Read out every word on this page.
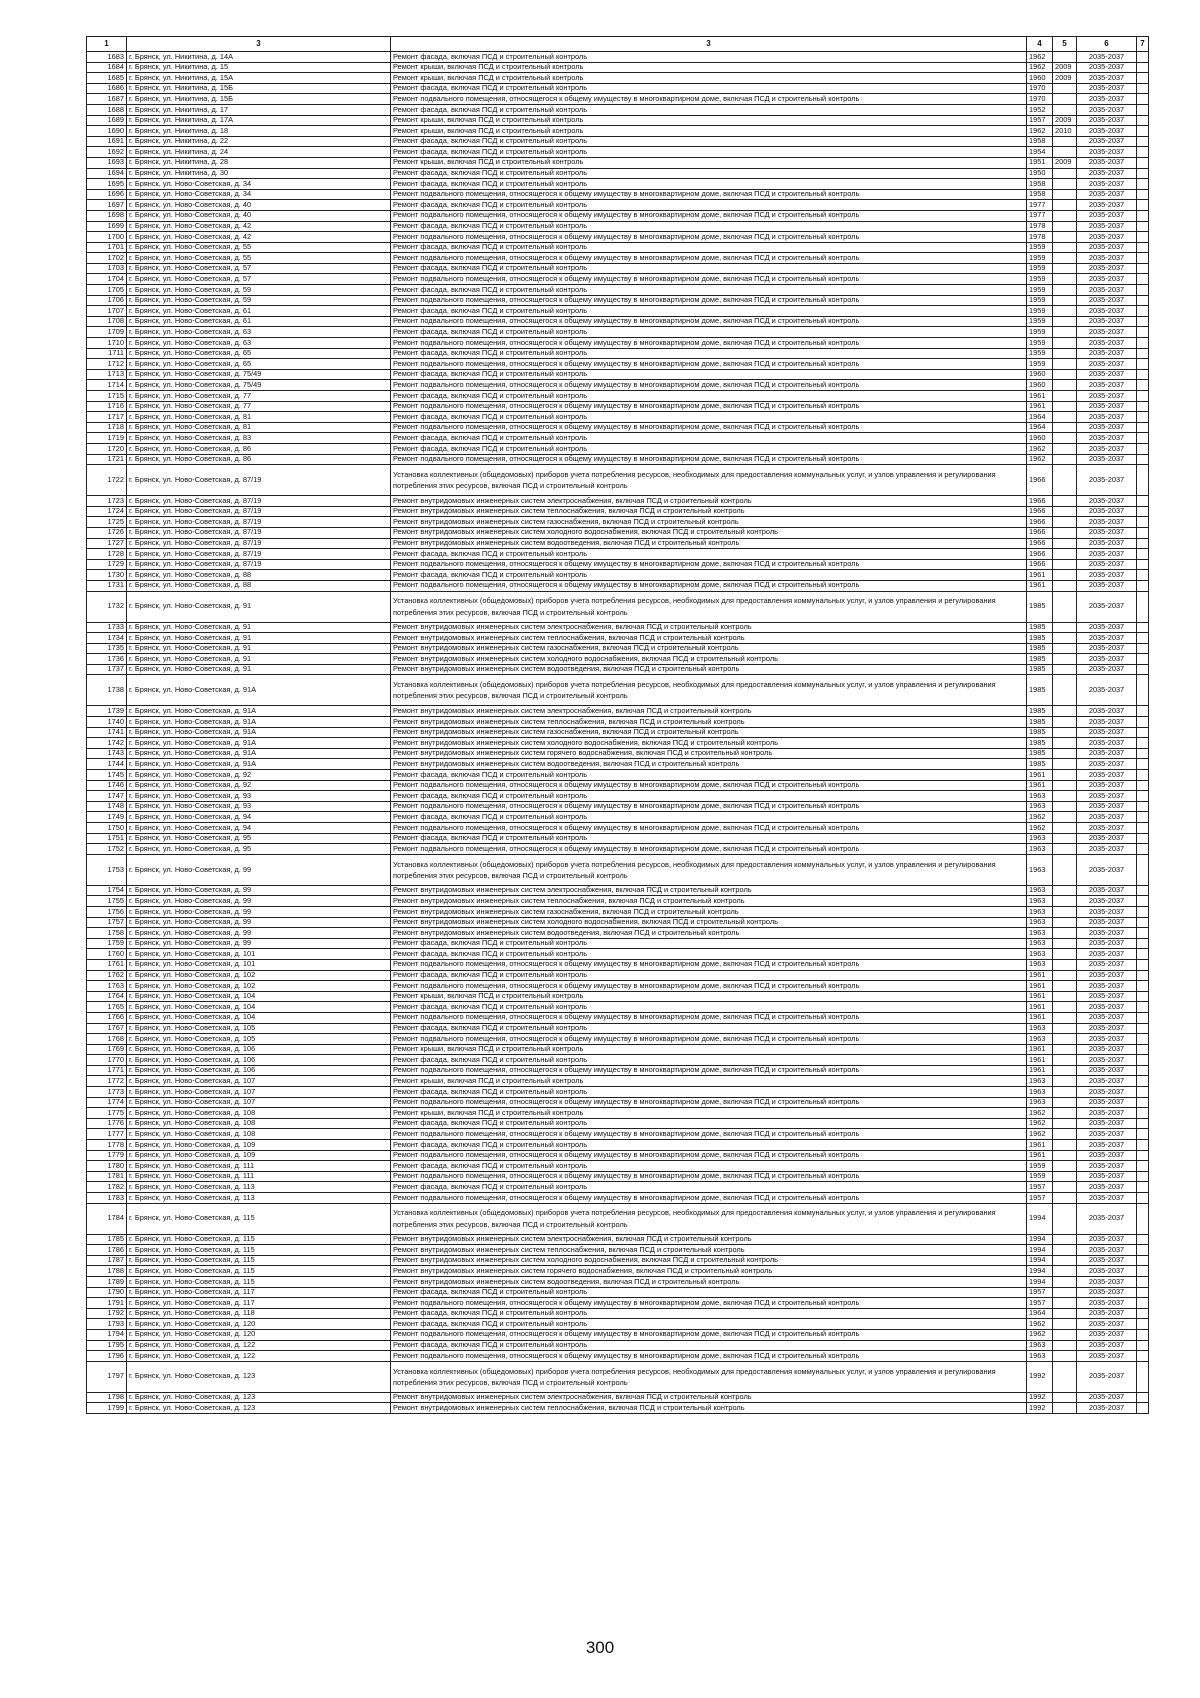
1	3	3	4	5	6	7
1683	г. Брянск, ул. Никитина, д. 14А	Ремонт фасада, включая ПСД и строительный контроль	1962		2035-2037	
1684	г. Брянск, ул. Никитина, д. 15	Ремонт крыши, включая ПСД и строительный контроль	1962	2009	2035-2037	
1685	г. Брянск, ул. Никитина, д. 15А	Ремонт крыши, включая ПСД и строительный контроль	1960	2009	2035-2037	
1686	г. Брянск, ул. Никитина, д. 15Б	Ремонт фасада, включая ПСД и строительный контроль	1970		2035-2037	
1687	г. Брянск, ул. Никитина, д. 15Б	Ремонт подвального помещения, относящегося к общему имуществу в многоквартирном доме, включая ПСД и строительный контроль	1970		2035-2037	
1688	г. Брянск, ул. Никитина, д. 17	Ремонт фасада, включая ПСД и строительный контроль	1952		2035-2037	
1689	г. Брянск, ул. Никитина, д. 17А	Ремонт крыши, включая ПСД и строительный контроль	1957	2009	2035-2037	
1690	г. Брянск, ул. Никитина, д. 18	Ремонт крыши, включая ПСД и строительный контроль	1962	2010	2035-2037	
1691	г. Брянск, ул. Никитина, д. 22	Ремонт фасада, включая ПСД и строительный контроль	1958		2035-2037	
1692	г. Брянск, ул. Никитина, д. 24	Ремонт фасада, включая ПСД и строительный контроль	1954		2035-2037	
1693	г. Брянск, ул. Никитина, д. 28	Ремонт крыши, включая ПСД и строительный контроль	1951	2009	2035-2037	
1694	г. Брянск, ул. Никитина, д. 30	Ремонт фасада, включая ПСД и строительный контроль	1950		2035-2037	
1695	г. Брянск, ул. Ново-Советская, д. 34	Ремонт фасада, включая ПСД и строительный контроль	1958		2035-2037	
1696	г. Брянск, ул. Ново-Советская, д. 34	Ремонт подвального помещения, относящегося к общему имуществу в многоквартирном доме, включая ПСД и строительный контроль	1958		2035-2037	
1697	г. Брянск, ул. Ново-Советская, д. 40	Ремонт фасада, включая ПСД и строительный контроль	1977		2035-2037	
1698	г. Брянск, ул. Ново-Советская, д. 40	Ремонт подвального помещения, относящегося к общему имуществу в многоквартирном доме, включая ПСД и строительный контроль	1977		2035-2037	
1699	г. Брянск, ул. Ново-Советская, д. 42	Ремонт фасада, включая ПСД и строительный контроль	1978		2035-2037	
1700	г. Брянск, ул. Ново-Советская, д. 42	Ремонт подвального помещения, относящегося к общему имуществу в многоквартирном доме, включая ПСД и строительный контроль	1978		2035-2037	
1701	г. Брянск, ул. Ново-Советская, д. 55	Ремонт фасада, включая ПСД и строительный контроль	1959		2035-2037	
1702	г. Брянск, ул. Ново-Советская, д. 55	Ремонт подвального помещения, относящегося к общему имуществу в многоквартирном доме, включая ПСД и строительный контроль	1959		2035-2037	
1703	г. Брянск, ул. Ново-Советская, д. 57	Ремонт фасада, включая ПСД и строительный контроль	1959		2035-2037	
1704	г. Брянск, ул. Ново-Советская, д. 57	Ремонт подвального помещения, относящегося к общему имуществу в многоквартирном доме, включая ПСД и строительный контроль	1959		2035-2037	
1705	г. Брянск, ул. Ново-Советская, д. 59	Ремонт фасада, включая ПСД и строительный контроль	1959		2035-2037	
1706	г. Брянск, ул. Ново-Советская, д. 59	Ремонт подвального помещения, относящегося к общему имуществу в многоквартирном доме, включая ПСД и строительный контроль	1959		2035-2037	
1707	г. Брянск, ул. Ново-Советская, д. 61	Ремонт фасада, включая ПСД и строительный контроль	1959		2035-2037	
1708	г. Брянск, ул. Ново-Советская, д. 61	Ремонт подвального помещения, относящегося к общему имуществу в многоквартирном доме, включая ПСД и строительный контроль	1959		2035-2037	
1709	г. Брянск, ул. Ново-Советская, д. 63	Ремонт фасада, включая ПСД и строительный контроль	1959		2035-2037	
1710	г. Брянск, ул. Ново-Советская, д. 63	Ремонт подвального помещения, относящегося к общему имуществу в многоквартирном доме, включая ПСД и строительный контроль	1959		2035-2037	
1711	г. Брянск, ул. Ново-Советская, д. 65	Ремонт фасада, включая ПСД и строительный контроль	1959		2035-2037	
1712	г. Брянск, ул. Ново-Советская, д. 65	Ремонт подвального помещения, относящегося к общему имуществу в многоквартирном доме, включая ПСД и строительный контроль	1959		2035-2037	
1713	г. Брянск, ул. Ново-Советская, д. 75/49	Ремонт фасада, включая ПСД и строительный контроль	1960		2035-2037	
1714	г. Брянск, ул. Ново-Советская, д. 75/49	Ремонт подвального помещения, относящегося к общему имуществу в многоквартирном доме, включая ПСД и строительный контроль	1960		2035-2037	
1715	г. Брянск, ул. Ново-Советская, д. 77	Ремонт фасада, включая ПСД и строительный контроль	1961		2035-2037	
1716	г. Брянск, ул. Ново-Советская, д. 77	Ремонт подвального помещения, относящегося к общему имуществу в многоквартирном доме, включая ПСД и строительный контроль	1961		2035-2037	
1717	г. Брянск, ул. Ново-Советская, д. 81	Ремонт фасада, включая ПСД и строительный контроль	1964		2035-2037	
1718	г. Брянск, ул. Ново-Советская, д. 81	Ремонт подвального помещения, относящегося к общему имуществу в многоквартирном доме, включая ПСД и строительный контроль	1964		2035-2037	
1719	г. Брянск, ул. Ново-Советская, д. 83	Ремонт фасада, включая ПСД и строительный контроль	1960		2035-2037	
1720	г. Брянск, ул. Ново-Советская, д. 86	Ремонт фасада, включая ПСД и строительный контроль	1962		2035-2037	
1721	г. Брянск, ул. Ново-Советская, д. 86	Ремонт подвального помещения, относящегося к общему имуществу в многоквартирном доме, включая ПСД и строительный контроль	1962		2035-2037	
1722	г. Брянск, ул. Ново-Советская, д. 87/19	Установка коллективных (общедомовых) приборов учета потребления ресурсов, необходимых для предоставления коммунальных услуг, и узлов управления и регулирования потребления этих ресурсов, включая ПСД и строительный контроль	1966		2035-2037	
1723	г. Брянск, ул. Ново-Советская, д. 87/19	Ремонт внутридомовых инженерных систем электроснабжения, включая ПСД и строительный контроль	1966		2035-2037	
1724	г. Брянск, ул. Ново-Советская, д. 87/19	Ремонт внутридомовых инженерных систем теплоснабжения, включая ПСД и строительный контроль	1966		2035-2037	
1725	г. Брянск, ул. Ново-Советская, д. 87/19	Ремонт внутридомовых инженерных систем газоснабжения, включая ПСД и строительный контроль	1966		2035-2037	
1726	г. Брянск, ул. Ново-Советская, д. 87/19	Ремонт внутридомовых инженерных систем холодного водоснабжения, включая ПСД и строительный контроль	1966		2035-2037	
1727	г. Брянск, ул. Ново-Советская, д. 87/19	Ремонт внутридомовых инженерных систем водоотведения, включая ПСД и строительный контроль	1966		2035-2037	
1728	г. Брянск, ул. Ново-Советская, д. 87/19	Ремонт фасада, включая ПСД и строительный контроль	1966		2035-2037	
1729	г. Брянск, ул. Ново-Советская, д. 87/19	Ремонт подвального помещения, относящегося к общему имуществу в многоквартирном доме, включая ПСД и строительный контроль	1966		2035-2037	
1730	г. Брянск, ул. Ново-Советская, д. 88	Ремонт фасада, включая ПСД и строительный контроль	1961		2035-2037	
1731	г. Брянск, ул. Ново-Советская, д. 88	Ремонт подвального помещения, относящегося к общему имуществу в многоквартирном доме, включая ПСД и строительный контроль	1961		2035-2037	
1732	г. Брянск, ул. Ново-Советская, д. 91	Установка коллективных (общедомовых) приборов учета потребления ресурсов, необходимых для предоставления коммунальных услуг, и узлов управления и регулирования потребления этих ресурсов, включая ПСД и строительный контроль	1985		2035-2037	
1733	г. Брянск, ул. Ново-Советская, д. 91	Ремонт внутридомовых инженерных систем электроснабжения, включая ПСД и строительный контроль	1985		2035-2037	
1734	г. Брянск, ул. Ново-Советская, д. 91	Ремонт внутридомовых инженерных систем теплоснабжения, включая ПСД и строительный контроль	1985		2035-2037	
1735	г. Брянск, ул. Ново-Советская, д. 91	Ремонт внутридомовых инженерных систем газоснабжения, включая ПСД и строительный контроль	1985		2035-2037	
1736	г. Брянск, ул. Ново-Советская, д. 91	Ремонт внутридомовых инженерных систем холодного водоснабжения, включая ПСД и строительный контроль	1985		2035-2037	
1737	г. Брянск, ул. Ново-Советская, д. 91	Ремонт внутридомовых инженерных систем водоотведения, включая ПСД и строительный контроль	1985		2035-2037	
1738	г. Брянск, ул. Ново-Советская, д. 91А	Установка коллективных (общедомовых) приборов учета потребления ресурсов, необходимых для предоставления коммунальных услуг, и узлов управления и регулирования потребления этих ресурсов, включая ПСД и строительный контроль	1985		2035-2037	
1739	г. Брянск, ул. Ново-Советская, д. 91А	Ремонт внутридомовых инженерных систем электроснабжения, включая ПСД и строительный контроль	1985		2035-2037	
1740	г. Брянск, ул. Ново-Советская, д. 91А	Ремонт внутридомовых инженерных систем теплоснабжения, включая ПСД и строительный контроль	1985		2035-2037	
1741	г. Брянск, ул. Ново-Советская, д. 91А	Ремонт внутридомовых инженерных систем газоснабжения, включая ПСД и строительный контроль	1985		2035-2037	
1742	г. Брянск, ул. Ново-Советская, д. 91А	Ремонт внутридомовых инженерных систем холодного водоснабжения, включая ПСД и строительный контроль	1985		2035-2037	
1743	г. Брянск, ул. Ново-Советская, д. 91А	Ремонт внутридомовых инженерных систем горячего водоснабжения, включая ПСД и строительный контроль	1985		2035-2037	
1744	г. Брянск, ул. Ново-Советская, д. 91А	Ремонт внутридомовых инженерных систем водоотведения, включая ПСД и строительный контроль	1985		2035-2037	
1745	г. Брянск, ул. Ново-Советская, д. 92	Ремонт фасада, включая ПСД и строительный контроль	1961		2035-2037	
1746	г. Брянск, ул. Ново-Советская, д. 92	Ремонт подвального помещения, относящегося к общему имуществу в многоквартирном доме, включая ПСД и строительный контроль	1961		2035-2037	
1747	г. Брянск, ул. Ново-Советская, д. 93	Ремонт фасада, включая ПСД и строительный контроль	1963		2035-2037	
1748	г. Брянск, ул. Ново-Советская, д. 93	Ремонт подвального помещения, относящегося к общему имуществу в многоквартирном доме, включая ПСД и строительный контроль	1963		2035-2037	
1749	г. Брянск, ул. Ново-Советская, д. 94	Ремонт фасада, включая ПСД и строительный контроль	1962		2035-2037	
1750	г. Брянск, ул. Ново-Советская, д. 94	Ремонт подвального помещения, относящегося к общему имуществу в многоквартирном доме, включая ПСД и строительный контроль	1962		2035-2037	
1751	г. Брянск, ул. Ново-Советская, д. 95	Ремонт фасада, включая ПСД и строительный контроль	1963		2035-2037	
1752	г. Брянск, ул. Ново-Советская, д. 95	Ремонт подвального помещения, относящегося к общему имуществу в многоквартирном доме, включая ПСД и строительный контроль	1963		2035-2037	
1753	г. Брянск, ул. Ново-Советская, д. 99	Установка коллективных (общедомовых) приборов учета потребления ресурсов, необходимых для предоставления коммунальных услуг, и узлов управления и регулирования потребления этих ресурсов, включая ПСД и строительный контроль	1963		2035-2037	
1754	г. Брянск, ул. Ново-Советская, д. 99	Ремонт внутридомовых инженерных систем электроснабжения, включая ПСД и строительный контроль	1963		2035-2037	
1755	г. Брянск, ул. Ново-Советская, д. 99	Ремонт внутридомовых инженерных систем теплоснабжения, включая ПСД и строительный контроль	1963		2035-2037	
1756	г. Брянск, ул. Ново-Советская, д. 99	Ремонт внутридомовых инженерных систем газоснабжения, включая ПСД и строительный контроль	1963		2035-2037	
1757	г. Брянск, ул. Ново-Советская, д. 99	Ремонт внутридомовых инженерных систем холодного водоснабжения, включая ПСД и строительный контроль	1963		2035-2037	
1758	г. Брянск, ул. Ново-Советская, д. 99	Ремонт внутридомовых инженерных систем водоотведения, включая ПСД и строительный контроль	1963		2035-2037	
1759	г. Брянск, ул. Ново-Советская, д. 99	Ремонт фасада, включая ПСД и строительный контроль	1963		2035-2037	
1760	г. Брянск, ул. Ново-Советская, д. 101	Ремонт фасада, включая ПСД и строительный контроль	1963		2035-2037	
1761	г. Брянск, ул. Ново-Советская, д. 101	Ремонт подвального помещения, относящегося к общему имуществу в многоквартирном доме, включая ПСД и строительный контроль	1963		2035-2037	
1762	г. Брянск, ул. Ново-Советская, д. 102	Ремонт фасада, включая ПСД и строительный контроль	1961		2035-2037	
1763	г. Брянск, ул. Ново-Советская, д. 102	Ремонт подвального помещения, относящегося к общему имуществу в многоквартирном доме, включая ПСД и строительный контроль	1961		2035-2037	
1764	г. Брянск, ул. Ново-Советская, д. 104	Ремонт крыши, включая ПСД и строительный контроль	1961		2035-2037	
1765	г. Брянск, ул. Ново-Советская, д. 104	Ремонт фасада, включая ПСД и строительный контроль	1961		2035-2037	
1766	г. Брянск, ул. Ново-Советская, д. 104	Ремонт подвального помещения, относящегося к общему имуществу в многоквартирном доме, включая ПСД и строительный контроль	1961		2035-2037	
1767	г. Брянск, ул. Ново-Советская, д. 105	Ремонт фасада, включая ПСД и строительный контроль	1963		2035-2037	
1768	г. Брянск, ул. Ново-Советская, д. 105	Ремонт подвального помещения, относящегося к общему имуществу в многоквартирном доме, включая ПСД и строительный контроль	1963		2035-2037	
1769	г. Брянск, ул. Ново-Советская, д. 106	Ремонт крыши, включая ПСД и строительный контроль	1961		2035-2037	
1770	г. Брянск, ул. Ново-Советская, д. 106	Ремонт фасада, включая ПСД и строительный контроль	1961		2035-2037	
1771	г. Брянск, ул. Ново-Советская, д. 106	Ремонт подвального помещения, относящегося к общему имуществу в многоквартирном доме, включая ПСД и строительный контроль	1961		2035-2037	
1772	г. Брянск, ул. Ново-Советская, д. 107	Ремонт крыши, включая ПСД и строительный контроль	1963		2035-2037	
1773	г. Брянск, ул. Ново-Советская, д. 107	Ремонт фасада, включая ПСД и строительный контроль	1963		2035-2037	
1774	г. Брянск, ул. Ново-Советская, д. 107	Ремонт подвального помещения, относящегося к общему имуществу в многоквартирном доме, включая ПСД и строительный контроль	1963		2035-2037	
1775	г. Брянск, ул. Ново-Советская, д. 108	Ремонт крыши, включая ПСД и строительный контроль	1962		2035-2037	
1776	г. Брянск, ул. Ново-Советская, д. 108	Ремонт фасада, включая ПСД и строительный контроль	1962		2035-2037	
1777	г. Брянск, ул. Ново-Советская, д. 108	Ремонт подвального помещения, относящегося к общему имуществу в многоквартирном доме, включая ПСД и строительный контроль	1962		2035-2037	
1778	г. Брянск, ул. Ново-Советская, д. 109	Ремонт фасада, включая ПСД и строительный контроль	1961		2035-2037	
1779	г. Брянск, ул. Ново-Советская, д. 109	Ремонт подвального помещения, относящегося к общему имуществу в многоквартирном доме, включая ПСД и строительный контроль	1961		2035-2037	
1780	г. Брянск, ул. Ново-Советская, д. 111	Ремонт фасада, включая ПСД и строительный контроль	1959		2035-2037	
1781	г. Брянск, ул. Ново-Советская, д. 111	Ремонт подвального помещения, относящегося к общему имуществу в многоквартирном доме, включая ПСД и строительный контроль	1959		2035-2037	
1782	г. Брянск, ул. Ново-Советская, д. 113	Ремонт фасада, включая ПСД и строительный контроль	1957		2035-2037	
1783	г. Брянск, ул. Ново-Советская, д. 113	Ремонт подвального помещения, относящегося к общему имуществу в многоквартирном доме, включая ПСД и строительный контроль	1957		2035-2037	
1784	г. Брянск, ул. Ново-Советская, д. 115	Установка коллективных (общедомовых) приборов учета потребления ресурсов, необходимых для предоставления коммунальных услуг, и узлов управления и регулирования потребления этих ресурсов, включая ПСД и строительный контроль	1994		2035-2037	
1785	г. Брянск, ул. Ново-Советская, д. 115	Ремонт внутридомовых инженерных систем электроснабжения, включая ПСД и строительный контроль	1994		2035-2037	
1786	г. Брянск, ул. Ново-Советская, д. 115	Ремонт внутридомовых инженерных систем теплоснабжения, включая ПСД и строительный контроль	1994		2035-2037	
1787	г. Брянск, ул. Ново-Советская, д. 115	Ремонт внутридомовых инженерных систем холодного водоснабжения, включая ПСД и строительный контроль	1994		2035-2037	
1788	г. Брянск, ул. Ново-Советская, д. 115	Ремонт внутридомовых инженерных систем горячего водоснабжения, включая ПСД и строительный контроль	1994		2035-2037	
1789	г. Брянск, ул. Ново-Советская, д. 115	Ремонт внутридомовых инженерных систем водоотведения, включая ПСД и строительный контроль	1994		2035-2037	
1790	г. Брянск, ул. Ново-Советская, д. 117	Ремонт фасада, включая ПСД и строительный контроль	1957		2035-2037	
1791	г. Брянск, ул. Ново-Советская, д. 117	Ремонт подвального помещения, относящегося к общему имуществу в многоквартирном доме, включая ПСД и строительный контроль	1957		2035-2037	
1792	г. Брянск, ул. Ново-Советская, д. 118	Ремонт фасада, включая ПСД и строительный контроль	1964		2035-2037	
1793	г. Брянск, ул. Ново-Советская, д. 120	Ремонт фасада, включая ПСД и строительный контроль	1962		2035-2037	
1794	г. Брянск, ул. Ново-Советская, д. 120	Ремонт подвального помещения, относящегося к общему имуществу в многоквартирном доме, включая ПСД и строительный контроль	1962		2035-2037	
1795	г. Брянск, ул. Ново-Советская, д. 122	Ремонт фасада, включая ПСД и строительный контроль	1963		2035-2037	
1796	г. Брянск, ул. Ново-Советская, д. 122	Ремонт подвального помещения, относящегося к общему имуществу в многоквартирном доме, включая ПСД и строительный контроль	1963		2035-2037	
1797	г. Брянск, ул. Ново-Советская, д. 123	Установка коллективных (общедомовых) приборов учета потребления ресурсов, необходимых для предоставления коммунальных услуг, и узлов управления и регулирования потребления этих ресурсов, включая ПСД и строительный контроль	1992		2035-2037	
1798	г. Брянск, ул. Ново-Советская, д. 123	Ремонт внутридомовых инженерных систем электроснабжения, включая ПСД и строительный контроль	1992		2035-2037	
1799	г. Брянск, ул. Ново-Советская, д. 123	Ремонт внутридомовых инженерных систем теплоснабжения, включая ПСД и строительный контроль	1992		2035-2037	
300
